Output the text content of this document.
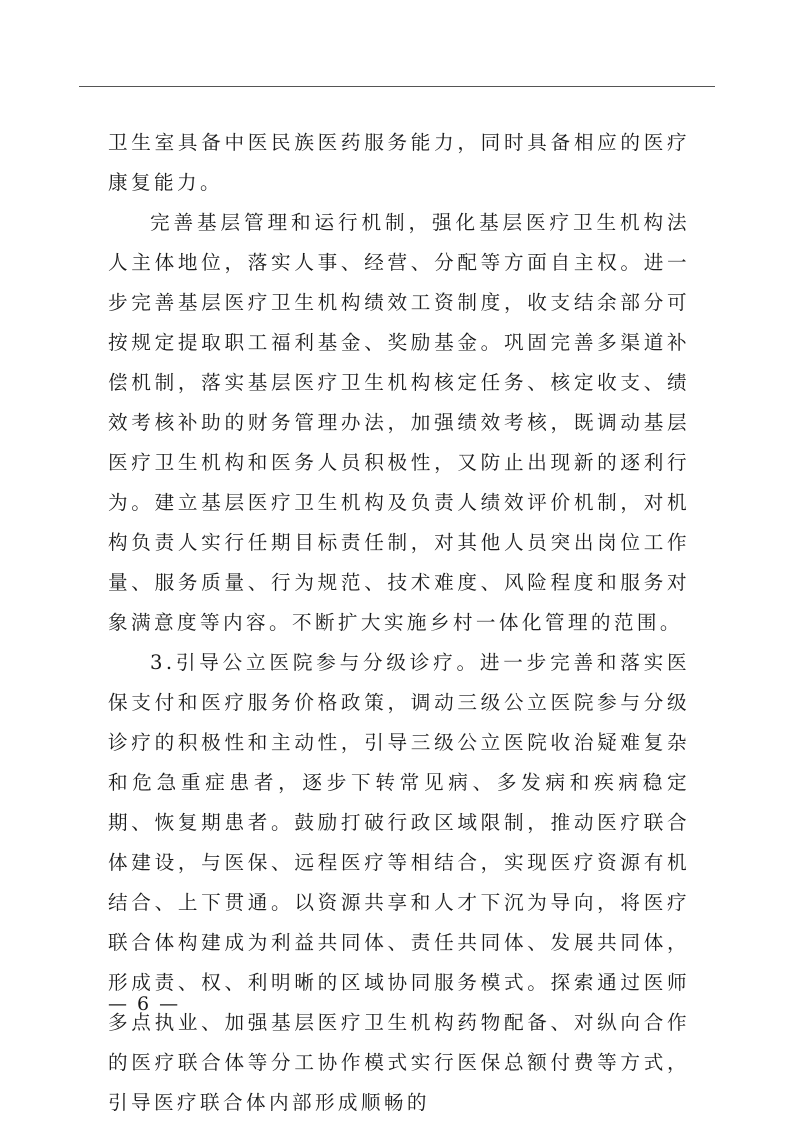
卫生室具备中医民族医药服务能力，同时具备相应的医疗康复能力。

完善基层管理和运行机制，强化基层医疗卫生机构法人主体地位，落实人事、经营、分配等方面自主权。进一步完善基层医疗卫生机构绩效工资制度，收支结余部分可按规定提取职工福利基金、奖励基金。巩固完善多渠道补偿机制，落实基层医疗卫生机构核定任务、核定收支、绩效考核补助的财务管理办法，加强绩效考核，既调动基层医疗卫生机构和医务人员积极性，又防止出现新的逐利行为。建立基层医疗卫生机构及负责人绩效评价机制，对机构负责人实行任期目标责任制，对其他人员突出岗位工作量、服务质量、行为规范、技术难度、风险程度和服务对象满意度等内容。不断扩大实施乡村一体化管理的范围。

3.引导公立医院参与分级诊疗。进一步完善和落实医保支付和医疗服务价格政策，调动三级公立医院参与分级诊疗的积极性和主动性，引导三级公立医院收治疑难复杂和危急重症患者，逐步下转常见病、多发病和疾病稳定期、恢复期患者。鼓励打破行政区域限制，推动医疗联合体建设，与医保、远程医疗等相结合，实现医疗资源有机结合、上下贯通。以资源共享和人才下沉为导向，将医疗联合体构建成为利益共同体、责任共同体、发展共同体，形成责、权、利明晰的区域协同服务模式。探索通过医师多点执业、加强基层医疗卫生机构药物配备、对纵向合作的医疗联合体等分工协作模式实行医保总额付费等方式，引导医疗联合体内部形成顺畅的

— 6 —
